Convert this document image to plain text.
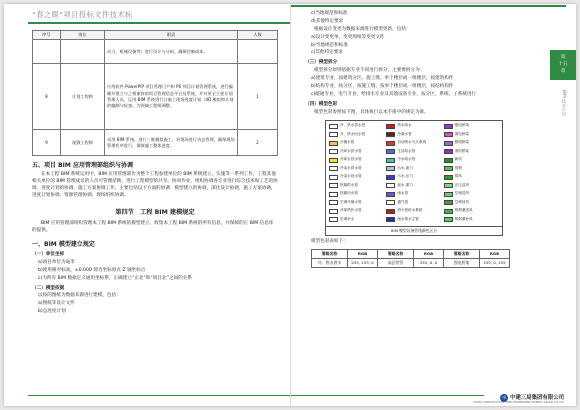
“春之眼”项目投标文件技术标
序号	岗位	职责	人数
		动力、机械设备等）进行设计与分析，确保控制成本。	
8	计划工程师	应用软件 PowerPIP 项目管理门户和 P6 项目计划管理系统，进行编制并建立与之相兼容的项目管理信息平台及系统，并对更全主要计划管理人员，运用 BIM 系统进行计施工现场进度计划（4D 模拟和计划的编制与检查。为领域工程师调整。	1
9	视频工程师	采用 BIM 系统，进行三维模拟施工，对现场进行动态管理，确保现场管理有序进行，保障施工整体进度。	2
五、项目 BIM 应用管理部组织与协调
在本工程 BIM 系统运用中，BIM 应用管理部作为整个工程参建单位的 BIM 系统建立、实施等一系列工作，工程其他相关单位的 BIM 管理成员的人员可管理范畴，进行工程模型的共享、协同作业，组织协调各专业进行综合技术和工艺的协调，进度计划的协调，施工方案协调工作。主要包括以下方面的协调：模型建立的协调，深化设计协调，施工方案协调，进度计划协调，资源管理协调，现场组织协调。
第四节　工程 BIM 建模规定
BIM 应用管理部组织管理本工程 BIM 系统的模型建立、收集本工程 BIM 系统的所有信息，并保障的正 BIM 信息库的提供。
一、BIM 模型建立规定
（一）单位坐标
a)项目单位为毫米
b)使用相对标高，±0.000 即为坐标原点 Z 轴坐标点
c)为所有 BIM 数据定义通用坐标系，正确建立“正北”和“项目北”之间的关系
（二）模型依据
以按的图纸为数据来源进行建模，包括：
a)图纸等设计文件
b)总进度计划
c)当地规范和标准
d)其他特定要求
根据设计变更为数据来源进行模型更新，包括：
a)设计变更单、变更图纸等变更文件
b)当地规范和标准
c)其他特定要求
（三）模型拆分
模型拆分原则依据专业不同进行拆分，主要要拆分为：
a)建筑专业，按建筑分区、施工缝、单个楼层或一组楼层、按建筑构件
b)结构专业，按分区、按施工缝、按单个楼层或一组楼层，按结构构件
c)暖通专业，电气专业，给排水专业及其他设备专业，按分区，系统、子系统进行
（四）模型色彩
模型色彩参照如下图，具体执行以本手册中的规定为准。
冷、热水供水管	热水给水	强电桥架
冷、热水回水管	冷凝水管	弱电桥架
冷凝水管	自动喷水灭火系统	照明桥架
冷却水供水管	生活给水管	消防桥架
冷却水回水管	中水给水管	新风
冷冻水供水管	污水-重力	排烟
冷冻水回水管	污水-压力	排风
热媒供水管	废水-重力	正压送风
热媒回水管	雨水管	空调送风
空调冷凝水管	通气管	空调回风
冷却塔补水管	消火栓给水系统	排烟兼送风
空调补水	雨水排水主管	排烟兼补风
BIM 模型设备管线颜色区分
模型色彩表如下：
管路名称	RGB	管路名称	RGB	管路名称	RGB
冷、热水供水	255, 153, 0	高区给管	255, 0, 0	强电桥架	255, 0, 255
第
十五
章
BIM 技术应用
中 中建三局集团有限公司
CHINA CONSTRUCTION THIRD ENGINEERING BUREAU GROUP CO.,LTD
